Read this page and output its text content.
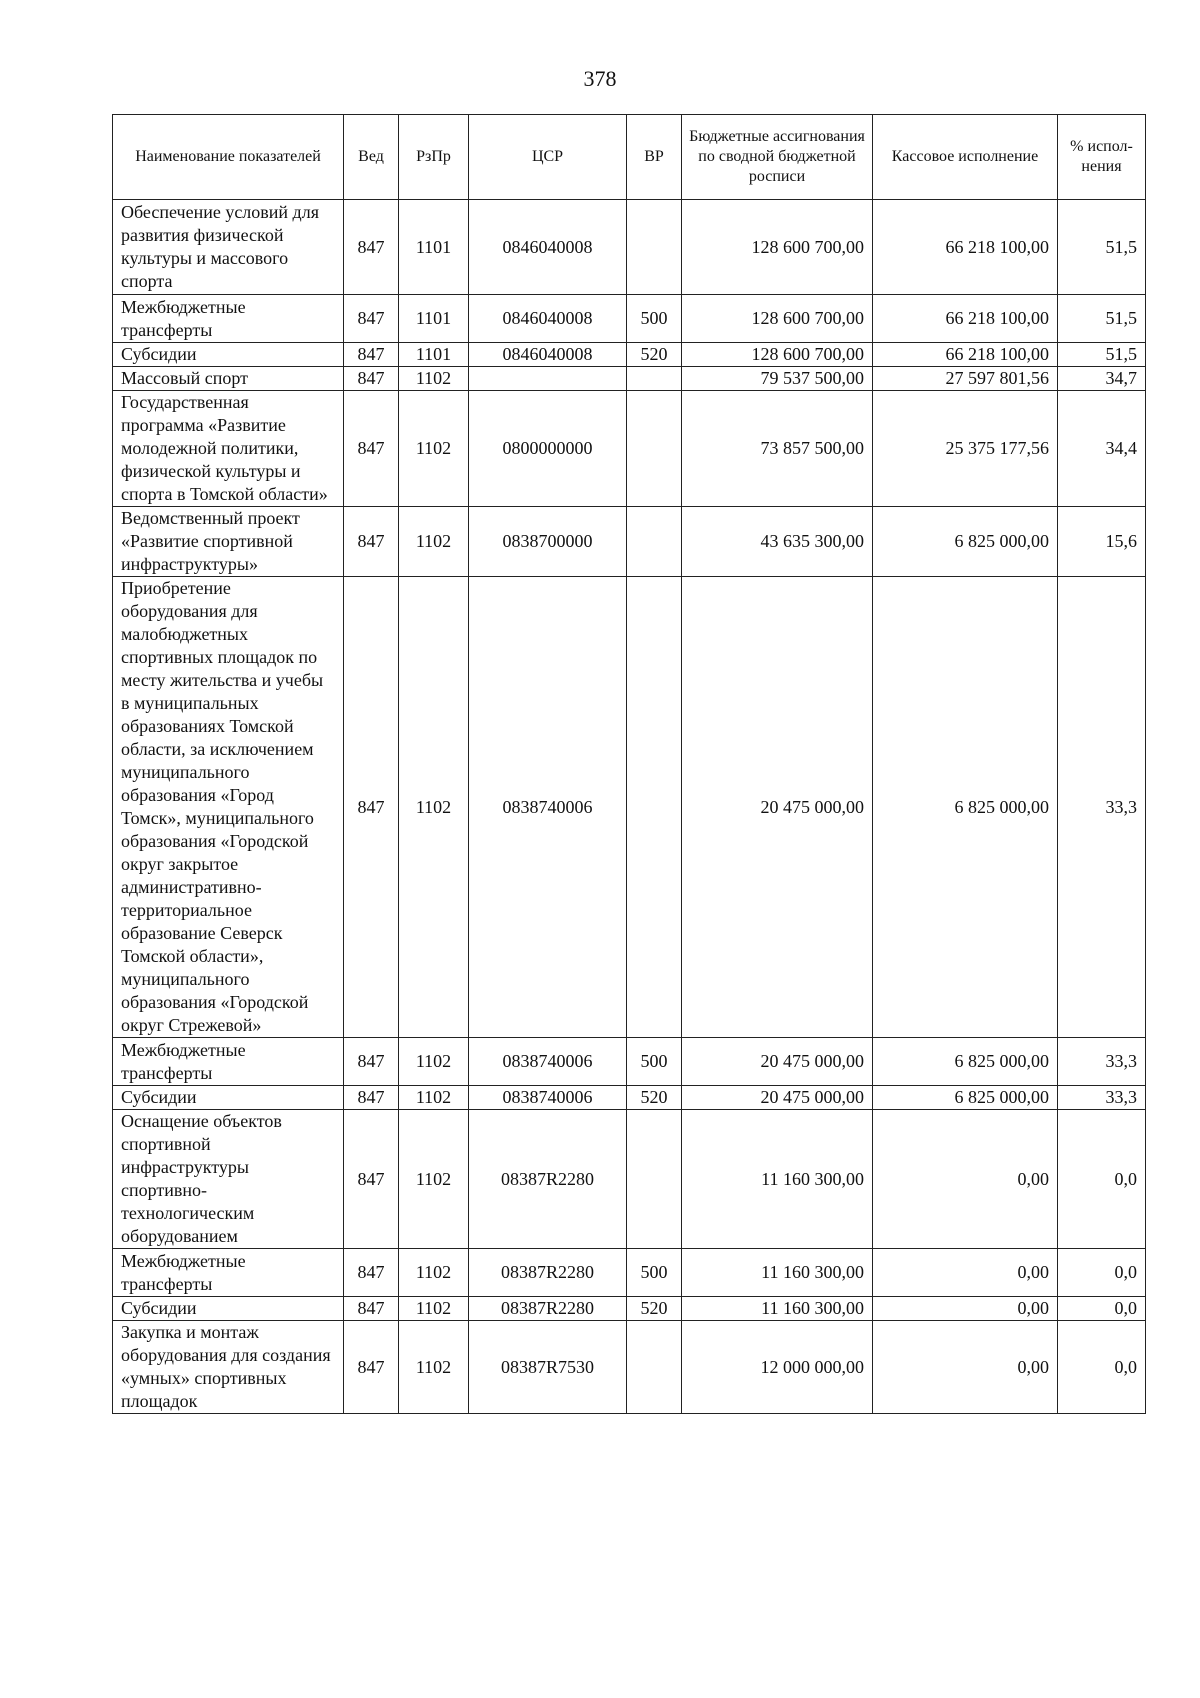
378
Наименование показателей	Вед	РзПр	ЦСР	ВР	Бюджетные ассигнования по сводной бюджетной росписи	Кассовое исполнение	% испол-нения
Обеспечение условий для развития физической культуры и массового спорта	847	1101	0846040008		128 600 700,00	66 218 100,00	51,5
Межбюджетные трансферты	847	1101	0846040008	500	128 600 700,00	66 218 100,00	51,5
Субсидии	847	1101	0846040008	520	128 600 700,00	66 218 100,00	51,5
Массовый спорт	847	1102			79 537 500,00	27 597 801,56	34,7
Государственная программа «Развитие молодежной политики, физической культуры и спорта в Томской области»	847	1102	0800000000		73 857 500,00	25 375 177,56	34,4
Ведомственный проект «Развитие спортивной инфраструктуры»	847	1102	0838700000		43 635 300,00	6 825 000,00	15,6
Приобретение оборудования для малобюджетных спортивных площадок по месту жительства и учебы в муниципальных образованиях Томской области, за исключением муниципального образования «Город Томск», муниципального образования «Городской округ закрытое административно-территориальное образование Северск Томской области», муниципального образования «Городской округ Стрежевой»	847	1102	0838740006		20 475 000,00	6 825 000,00	33,3
Межбюджетные трансферты	847	1102	0838740006	500	20 475 000,00	6 825 000,00	33,3
Субсидии	847	1102	0838740006	520	20 475 000,00	6 825 000,00	33,3
Оснащение объектов спортивной инфраструктуры спортивно-технологическим оборудованием	847	1102	08387R2280		11 160 300,00	0,00	0,0
Межбюджетные трансферты	847	1102	08387R2280	500	11 160 300,00	0,00	0,0
Субсидии	847	1102	08387R2280	520	11 160 300,00	0,00	0,0
Закупка и монтаж оборудования для создания «умных» спортивных площадок	847	1102	08387R7530		12 000 000,00	0,00	0,0
